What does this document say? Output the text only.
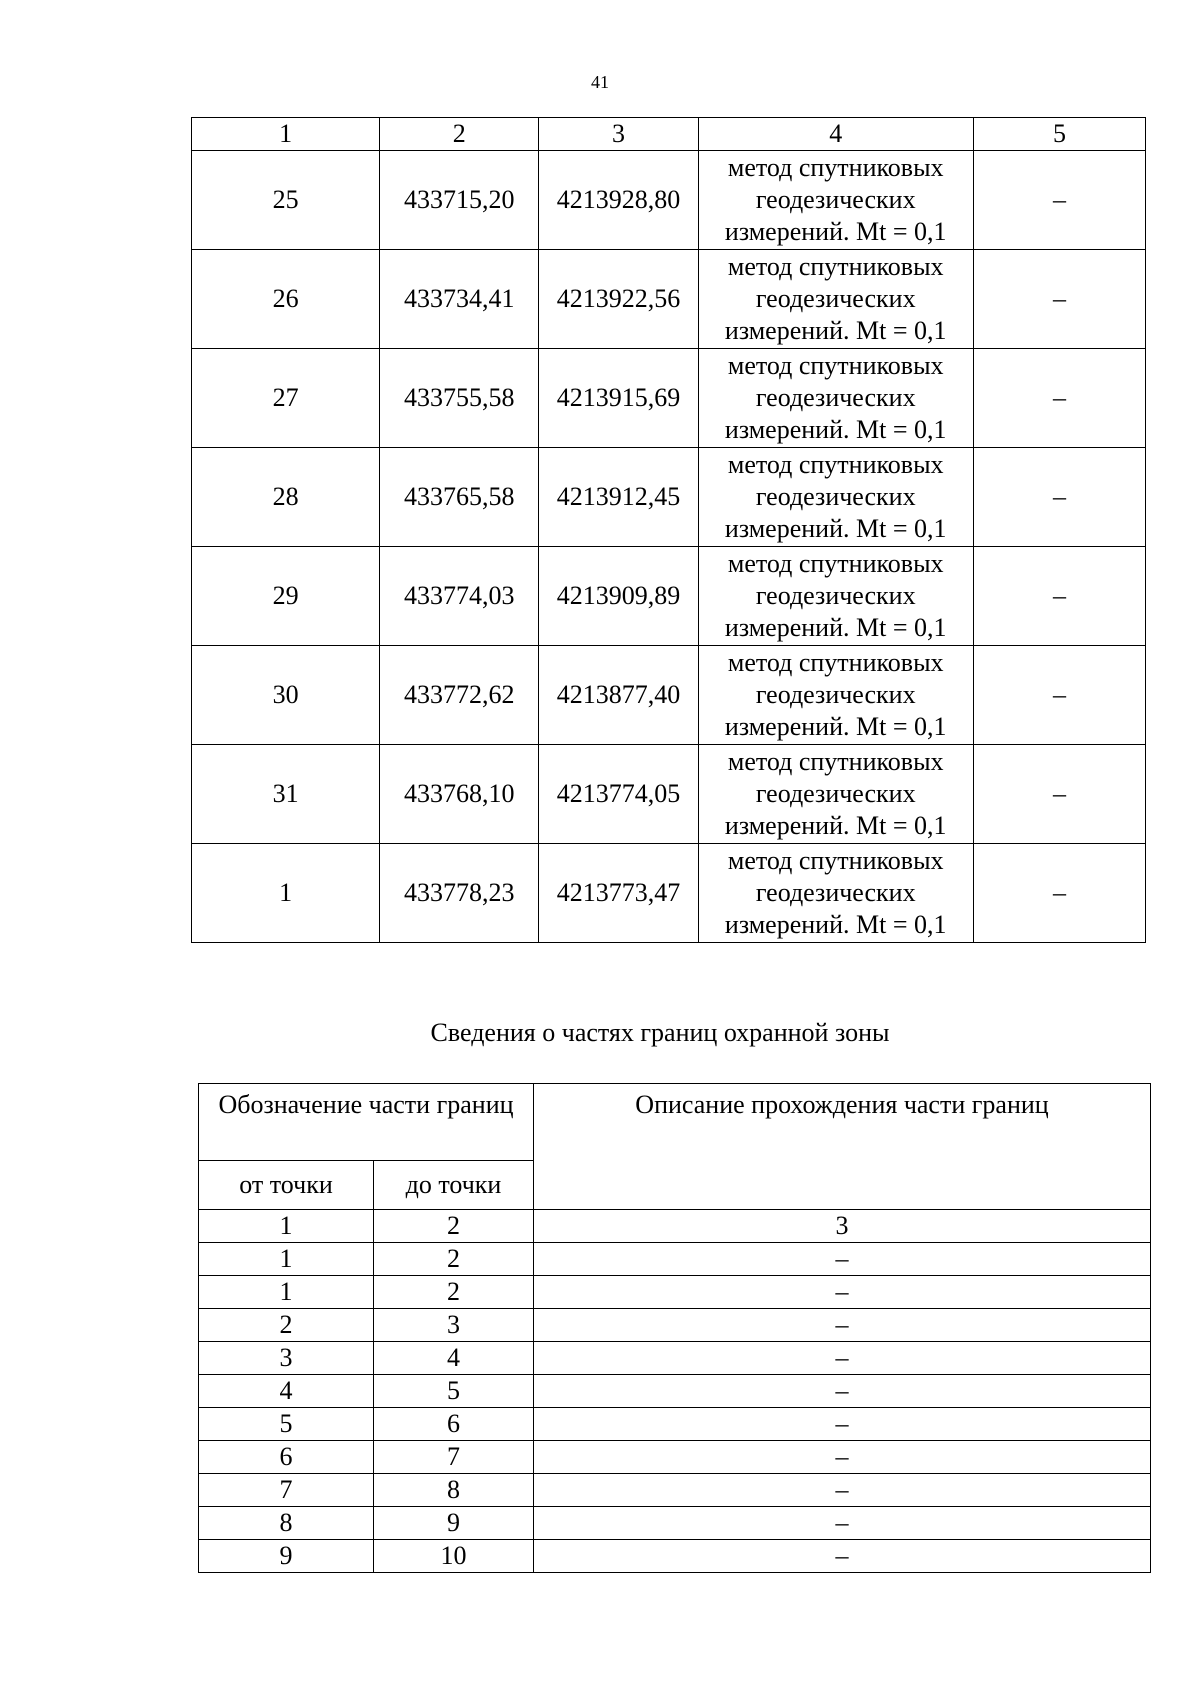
41
1	2	3	4	5
25	433715,20	4213928,80	метод спутниковых
геодезических
измерений. Mt = 0,1	–
26	433734,41	4213922,56	метод спутниковых
геодезических
измерений. Mt = 0,1	–
27	433755,58	4213915,69	метод спутниковых
геодезических
измерений. Mt = 0,1	–
28	433765,58	4213912,45	метод спутниковых
геодезических
измерений. Mt = 0,1	–
29	433774,03	4213909,89	метод спутниковых
геодезических
измерений. Mt = 0,1	–
30	433772,62	4213877,40	метод спутниковых
геодезических
измерений. Mt = 0,1	–
31	433768,10	4213774,05	метод спутниковых
геодезических
измерений. Mt = 0,1	–
1	433778,23	4213773,47	метод спутниковых
геодезических
измерений. Mt = 0,1	–
Сведения о частях границ охранной зоны
Обозначение части границ		Описание прохождения части границ
от точки	до точки	
1	2	3
1	2	–
1	2	–
2	3	–
3	4	–
4	5	–
5	6	–
6	7	–
7	8	–
8	9	–
9	10	–
